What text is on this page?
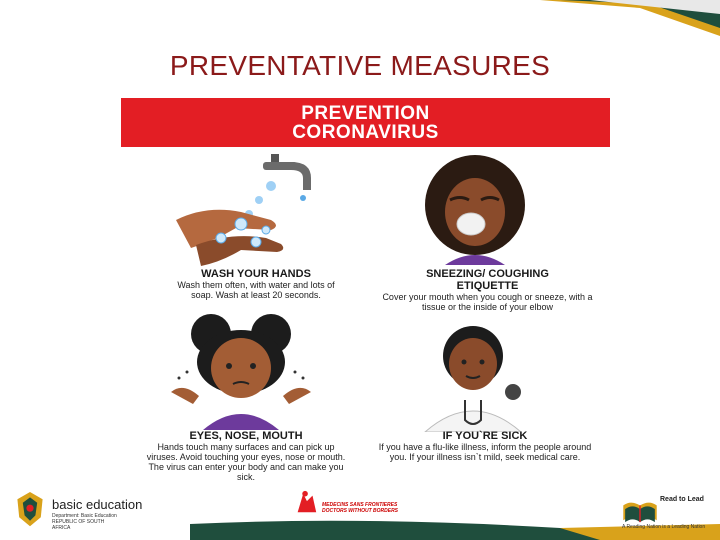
PREVENTATIVE MEASURES
PREVENTION
CORONAVIRUS
WASH YOUR HANDS
Wash them often, with water and lots of soap. Wash at least 20 seconds.
SNEEZING/ COUGHING
ETIQUETTE
Cover your mouth when you cough or sneeze, with a tissue or the inside of your elbow
EYES, NOSE, MOUTH
Hands touch many surfaces and can pick up viruses. Avoid touching your eyes, nose or mouth. The virus can enter your body and can make you sick.
IF YOU`RE SICK
If you have a flu-like illness, inform the people around you. If your illness isn`t mild, seek medical care.
basic education
Department: Basic Education REPUBLIC OF SOUTH AFRICA
MEDECINS SANS FRONTIERES
DOCTORS WITHOUT BORDERS
Read to Lead
A Reading Nation is a Leading Nation
